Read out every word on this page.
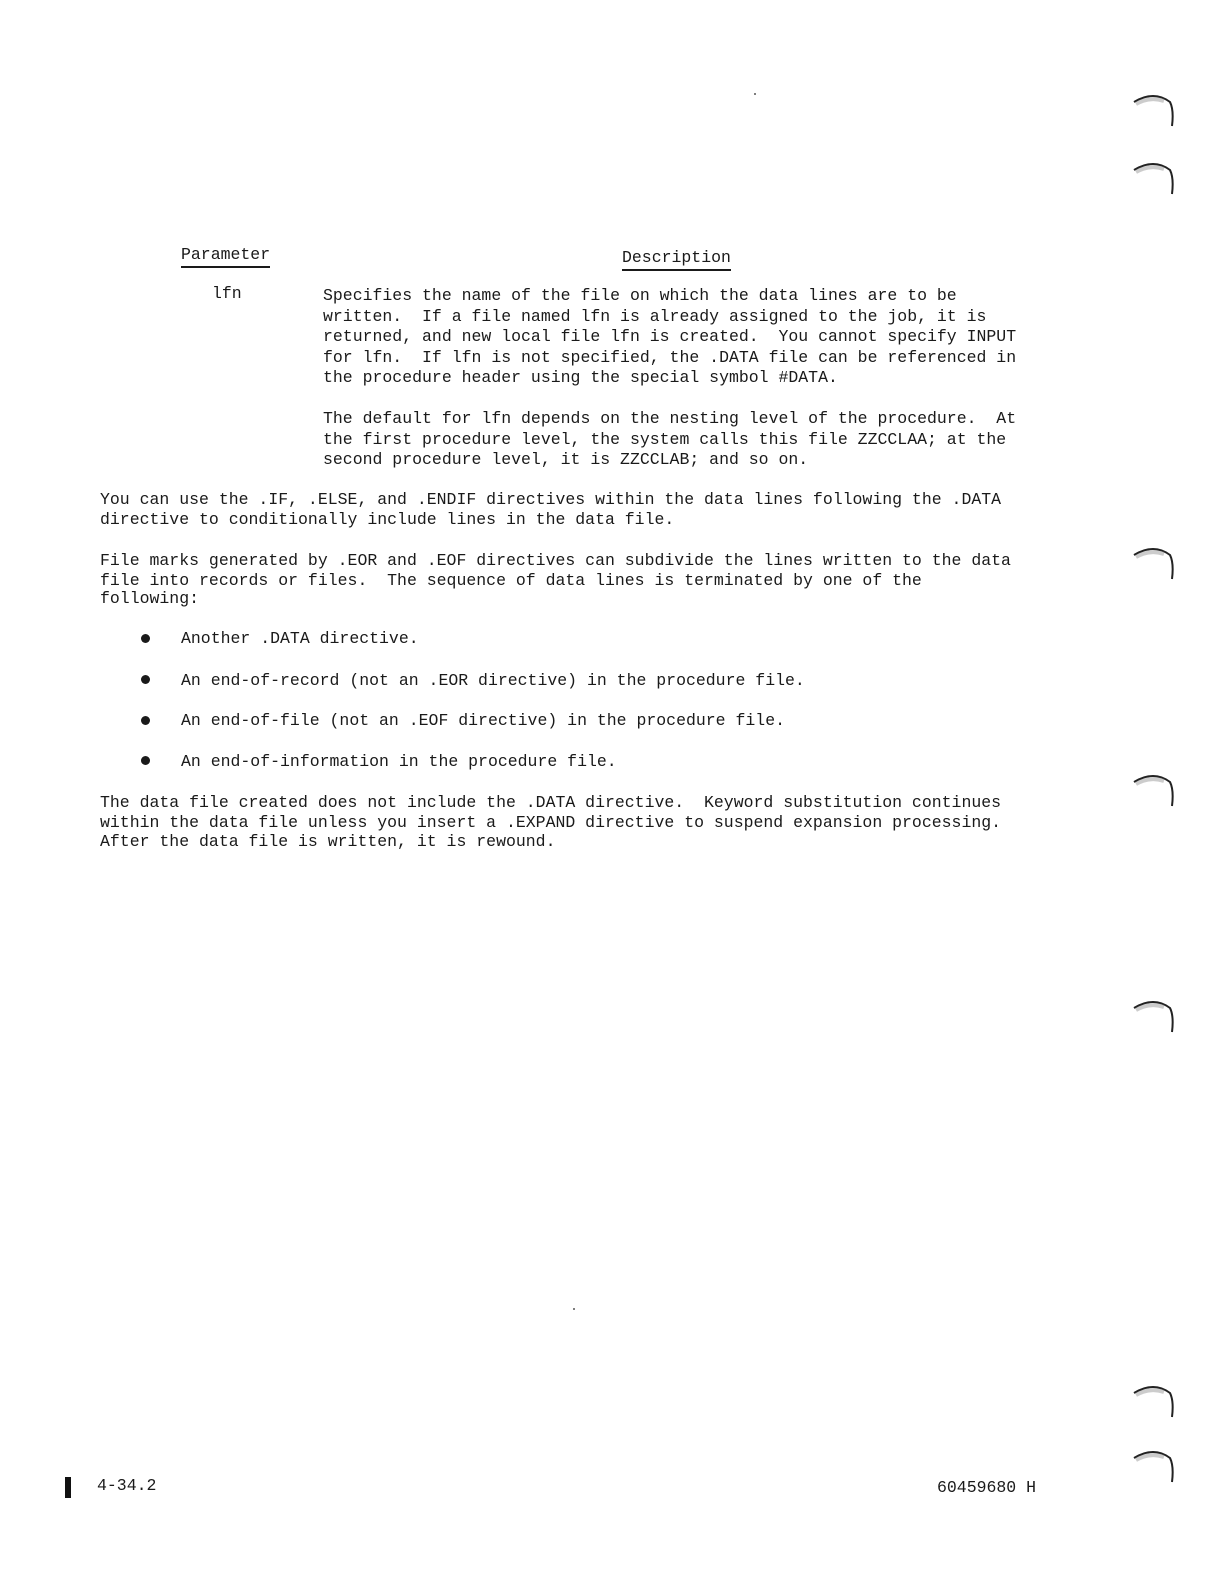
Parameter	Description
lfn	Specifies the name of the file on which the data lines are to be
written.  If a file named lfn is already assigned to the job, it is
returned, and new local file lfn is created.  You cannot specify INPUT
for lfn.  If lfn is not specified, the .DATA file can be referenced in
the procedure header using the special symbol #DATA.
The default for lfn depends on the nesting level of the procedure.  At
the first procedure level, the system calls this file ZZCCLAA; at the
second procedure level, it is ZZCCLAB; and so on.
You can use the .IF, .ELSE, and .ENDIF directives within the data lines following the .DATA
directive to conditionally include lines in the data file.
File marks generated by .EOR and .EOF directives can subdivide the lines written to the data
file into records or files.  The sequence of data lines is terminated by one of the
following:
Another .DATA directive.
An end-of-record (not an .EOR directive) in the procedure file.
An end-of-file (not an .EOF directive) in the procedure file.
An end-of-information in the procedure file.
The data file created does not include the .DATA directive.  Keyword substitution continues
within the data file unless you insert a .EXPAND directive to suspend expansion processing.
After the data file is written, it is rewound.
4-34.2	60459680 H
